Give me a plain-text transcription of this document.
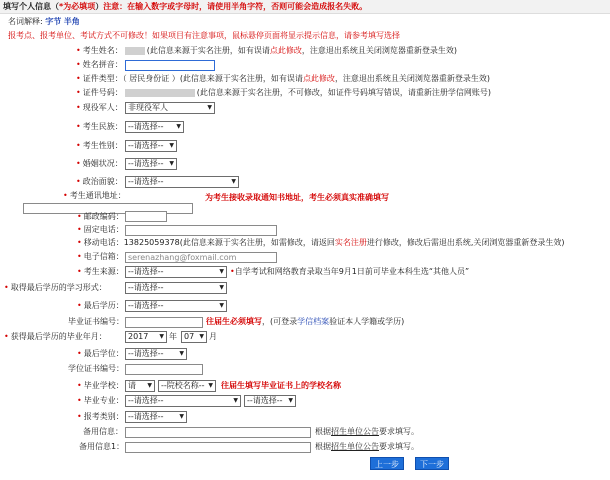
填写个人信息（*为必填项）注意：在输入数字或字母时，请使用半角字符，否则可能会造成报名失败。
名词解释: 字节 半角
报考点、报考单位、考试方式不可修改！如果项目有注意事项，鼠标悬停页面将显示提示信息，请参考填写选择
• 考生姓名：	(此信息来源于实名注册，如有误请点此修改，注意退出系统且关闭浏览器重新登录生效)
• 姓名拼音：
• 证件类型：（ 居民身份证 ）(此信息来源于实名注册，如有误请点此修改，注意退出系统且关闭浏览器重新登录生效)
• 证件号码：	(此信息来源于实名注册，不可修改，如证件号码填写错误，请重新注册学信网账号)
• 现役军人： 非现役军人	▼
• 考生民族： --请选择-- ▼
• 考生性别： --请选择-- ▼
• 婚姻状况： --请选择-- ▼
• 政治面貌： --请选择--	▼
• 考生通讯地址：	为考生接收录取通知书地址，考生必须真实准确填写
• 邮政编码：
• 固定电话：
• 移动电话：13825059378(此信息来源于实名注册，如需修改，请返回实名注册进行修改，修改后需退出系统,关闭浏览器重新登录生效)
• 电子信箱： serenazhang@foxmail.com
• 考生来源： --请选择--	▼ •自学考试和网络教育录取当年9月1日前可毕业本科生选“其他人员”
• 取得最后学历的学习形式：	--请选择--	▼
• 最后学历： --请选择--	▼
毕业证书编号：	往届生必须填写，(可登录学信档案验证本人学籍或学历)
• 获得最后学历的毕业年月：	2017 ▼ 年 07 ▼ 月
• 最后学位： --请选择--	▼
学位证书编号：
• 毕业学校： 请 ▼ --院校名称-- ▼ 往届生填写毕业证书上的学校名称
• 毕业专业： --请选择--	▼ --请选择-- ▼
• 报考类别： --请选择--	▼
备用信息：	根据招生单位公告要求填写。
备用信息1：	根据招生单位公告要求填写。
上一步	下一步
